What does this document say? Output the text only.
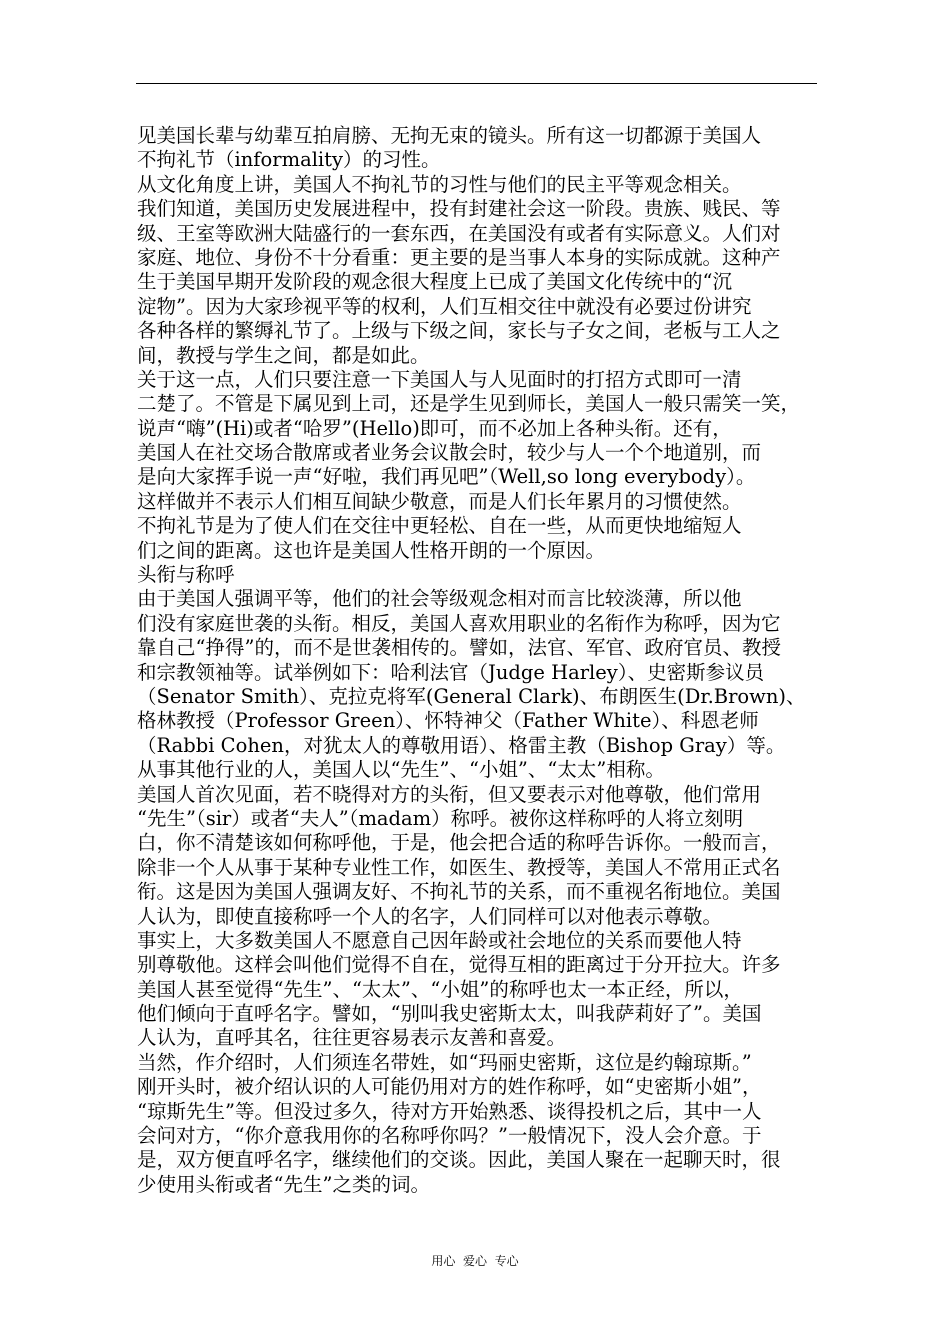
见美国长辈与幼辈互拍肩膀、无拘无束的镜头。所有这一切都源于美国人
不拘礼节（informality）的习性。
从文化角度上讲，美国人不拘礼节的习性与他们的民主平等观念相关。
我们知道，美国历史发展进程中，投有封建社会这一阶段。贵族、贱民、等
级、王室等欧洲大陆盛行的一套东西，在美国没有或者有实际意义。人们对
家庭、地位、身份不十分看重：更主要的是当事人本身的实际成就。这种产
生于美国早期开发阶段的观念很大程度上已成了美国文化传统中的“沉
淀物”。因为大家珍视平等的权利，人们互相交往中就没有必要过份讲究
各种各样的繁缛礼节了。上级与下级之间，家长与子女之间，老板与工人之
间，教授与学生之间，都是如此。
关于这一点，人们只要注意一下美国人与人见面时的打招方式即可一清
二楚了。不管是下属见到上司，还是学生见到师长，美国人一般只需笑一笑，
说声“嗨”(Hi)或者“哈罗”(Hello)即可，而不必加上各种头衔。还有，
美国人在社交场合散席或者业务会议散会时，较少与人一个个地道别，而
是向大家挥手说一声“好啦，我们再见吧”（Well,so long everybody）。
这样做并不表示人们相互间缺少敬意，而是人们长年累月的习惯使然。
不拘礼节是为了使人们在交往中更轻松、自在一些，从而更快地缩短人
们之间的距离。这也许是美国人性格开朗的一个原因。
头衔与称呼
由于美国人强调平等，他们的社会等级观念相对而言比较淡薄，所以他
们没有家庭世袭的头衔。相反，美国人喜欢用职业的名衔作为称呼，因为它
靠自己“挣得”的，而不是世袭相传的。譬如，法官、军官、政府官员、教授
和宗教领袖等。试举例如下：哈利法官（Judge Harley）、史密斯参议员
（Senator Smith）、克拉克将军(General Clark)、布朗医生(Dr.Brown)、
格林教授（Professor Green）、怀特神父（Father White）、科恩老师
（Rabbi Cohen，对犹太人的尊敬用语）、格雷主教（Bishop Gray）等。
从事其他行业的人，美国人以“先生”、“小姐”、“太太”相称。
美国人首次见面，若不晓得对方的头衔，但又要表示对他尊敬，他们常用
“先生”（sir）或者“夫人”（madam）称呼。被你这样称呼的人将立刻明
白，你不清楚该如何称呼他，于是，他会把合适的称呼告诉你。一般而言，
除非一个人从事于某种专业性工作，如医生、教授等，美国人不常用正式名
衔。这是因为美国人强调友好、不拘礼节的关系，而不重视名衔地位。美国
人认为，即使直接称呼一个人的名字，人们同样可以对他表示尊敬。
事实上，大多数美国人不愿意自己因年龄或社会地位的关系而要他人特
别尊敬他。这样会叫他们觉得不自在，觉得互相的距离过于分开拉大。许多
美国人甚至觉得“先生”、“太太”、“小姐”的称呼也太一本正经，所以，
他们倾向于直呼名字。譬如，“别叫我史密斯太太，叫我萨莉好了”。美国
人认为，直呼其名，往往更容易表示友善和喜爱。
当然，作介绍时，人们须连名带姓，如“玛丽史密斯，这位是约翰琼斯。”
刚开头时，被介绍认识的人可能仍用对方的姓作称呼，如“史密斯小姐”，
“琼斯先生”等。但没过多久，待对方开始熟悉、谈得投机之后，其中一人
会问对方，“你介意我用你的名称呼你吗？”一般情况下，没人会介意。于
是，双方便直呼名字，继续他们的交谈。因此，美国人聚在一起聊天时，很
少使用头衔或者“先生”之类的词。
用心  爱心  专心
